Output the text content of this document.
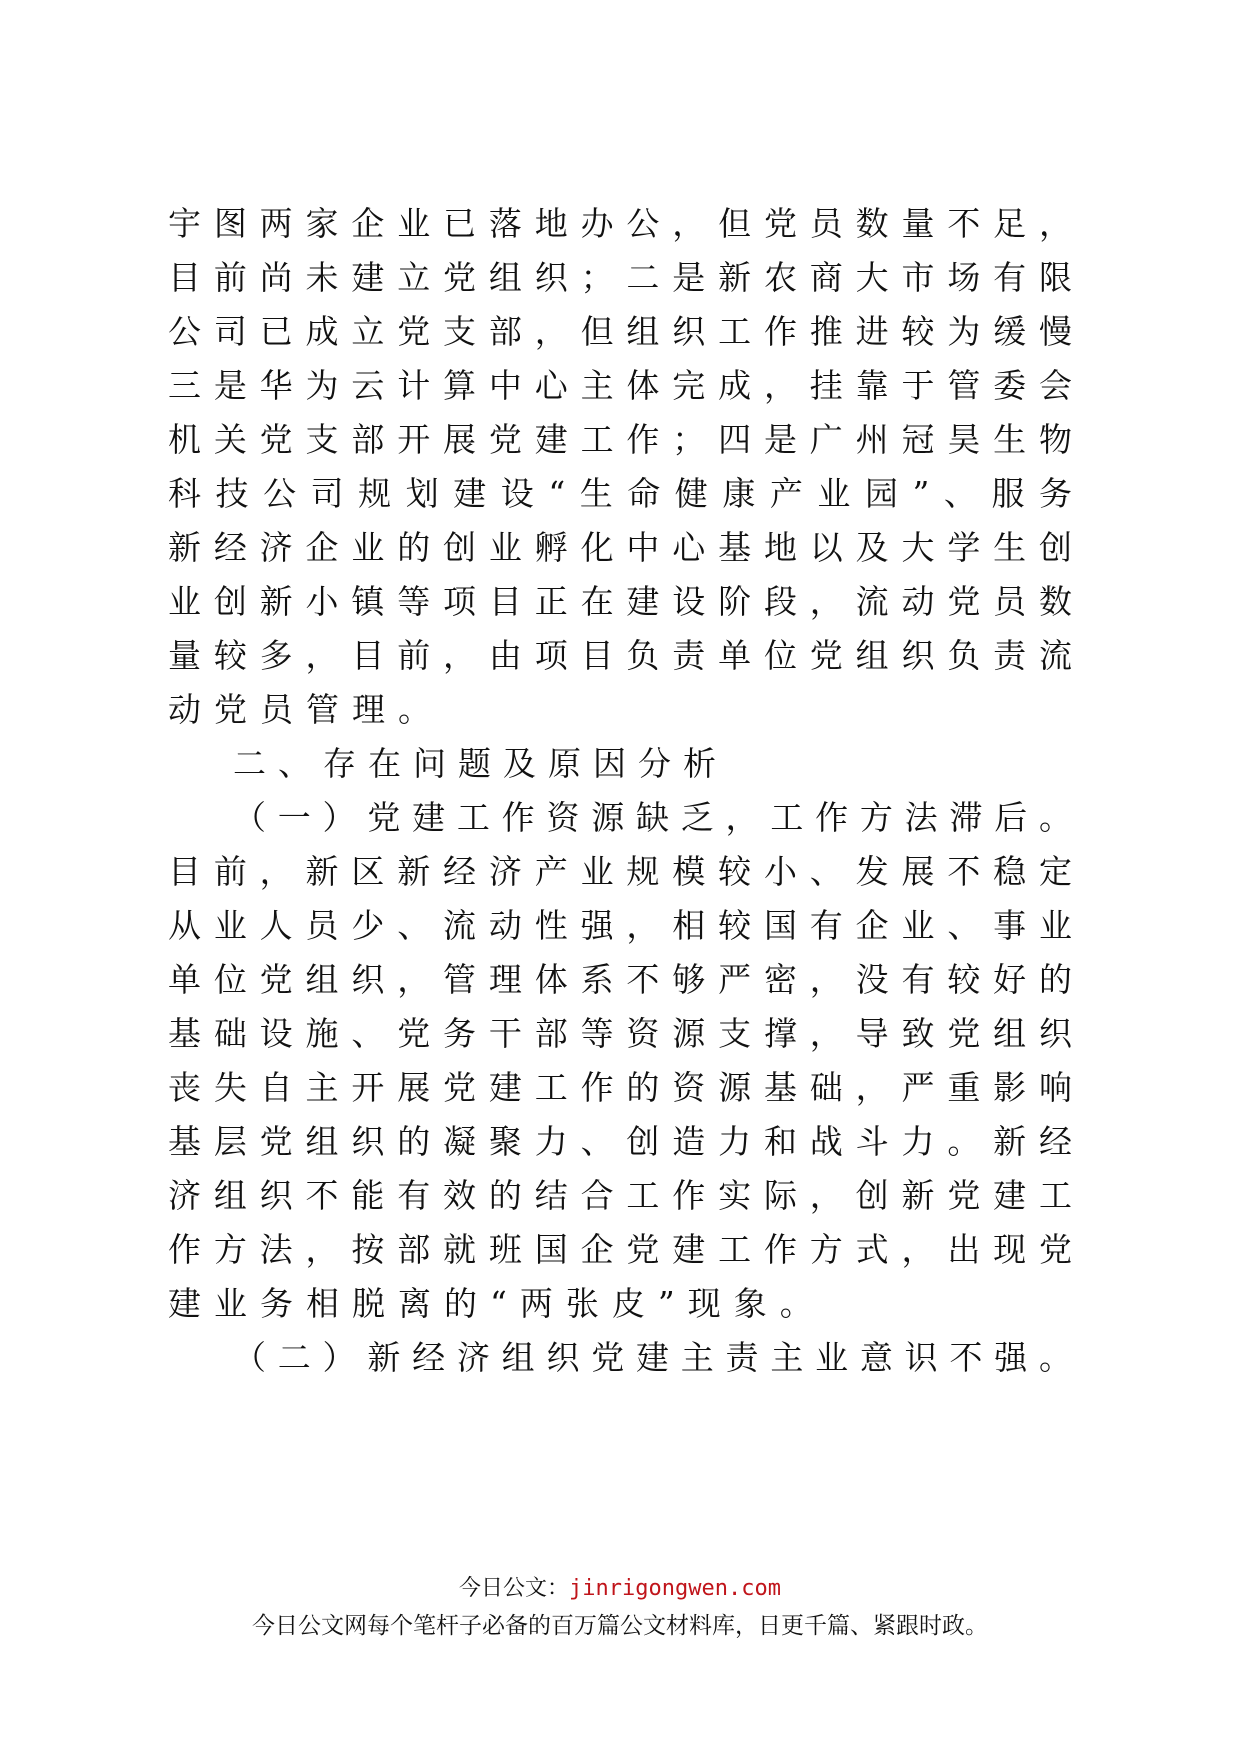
宇图两家企业已落地办公，但党员数量不足，
目前尚未建立党组织；二是新农商大市场有限
公司已成立党支部，但组织工作推进较为缓慢
三是华为云计算中心主体完成，挂靠于管委会
机关党支部开展党建工作；四是广州冠昊生物
科技公司规划建设“生命健康产业园”、服务
新经济企业的创业孵化中心基地以及大学生创
业创新小镇等项目正在建设阶段，流动党员数
量较多，目前，由项目负责单位党组织负责流
动党员管理。
二、存在问题及原因分析
（一）党建工作资源缺乏，工作方法滞后。
目前，新区新经济产业规模较小、发展不稳定
从业人员少、流动性强，相较国有企业、事业
单位党组织，管理体系不够严密，没有较好的
基础设施、党务干部等资源支撑，导致党组织
丧失自主开展党建工作的资源基础，严重影响
基层党组织的凝聚力、创造力和战斗力。新经
济组织不能有效的结合工作实际，创新党建工
作方法，按部就班国企党建工作方式，出现党
建业务相脱离的“两张皮”现象。
（二）新经济组织党建主责主业意识不强。
今日公文：jinrigongwen.com
今日公文网每个笔杆子必备的百万篇公文材料库，日更千篇、紧跟时政。
